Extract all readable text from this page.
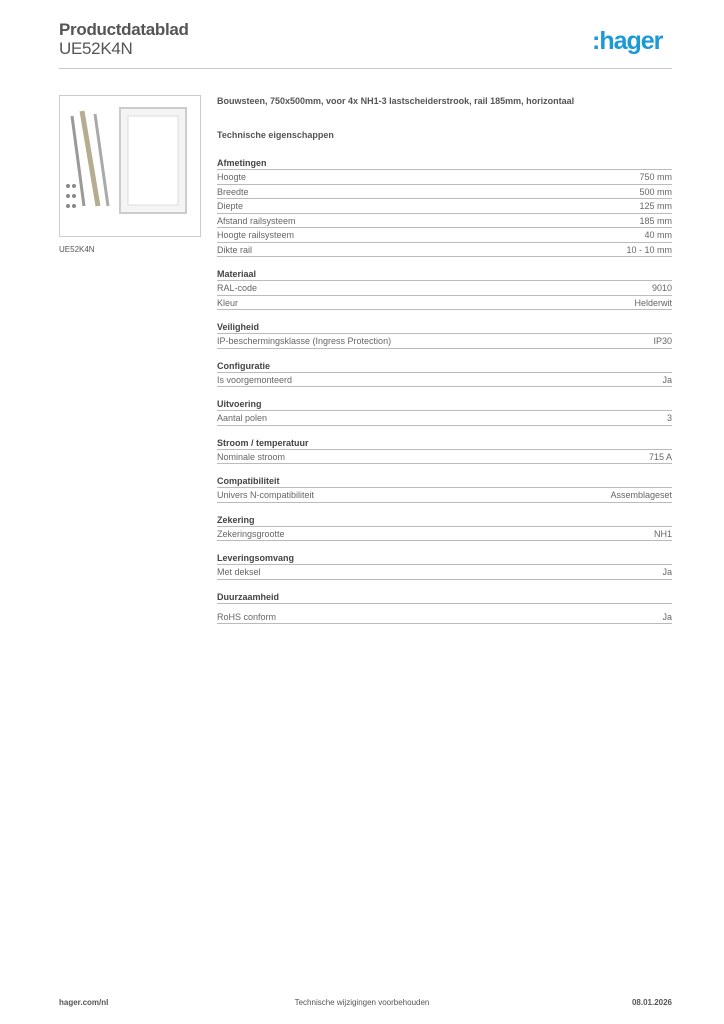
Productdatablad
UE52K4N	:hager
UE52K4N
Bouwsteen, 750x500mm, voor 4x NH1-3 lastscheiderstrook, rail 185mm, horizontaal
Technische eigenschappen
Afmetingen
Hoogte	750 mm
Breedte	500 mm
Diepte	125 mm
Afstand railsysteem	185 mm
Hoogte railsysteem	40 mm
Dikte rail	10 - 10 mm
Materiaal
RAL-code	9010
Kleur	Helderwit
Veiligheid
IP-beschermingsklasse (Ingress Protection)	IP30
Configuratie
Is voorgemonteerd	Ja
Uitvoering
Aantal polen	3
Stroom / temperatuur
Nominale stroom	715 A
Compatibiliteit
Univers N-compatibiliteit	Assemblageset
Zekering
Zekeringsgrootte	NH1
Leveringsomvang
Met deksel	Ja
Duurzaamheid
RoHS conform	Ja
hager.com/nl	Technische wijzigingen voorbehouden	08.01.2026
